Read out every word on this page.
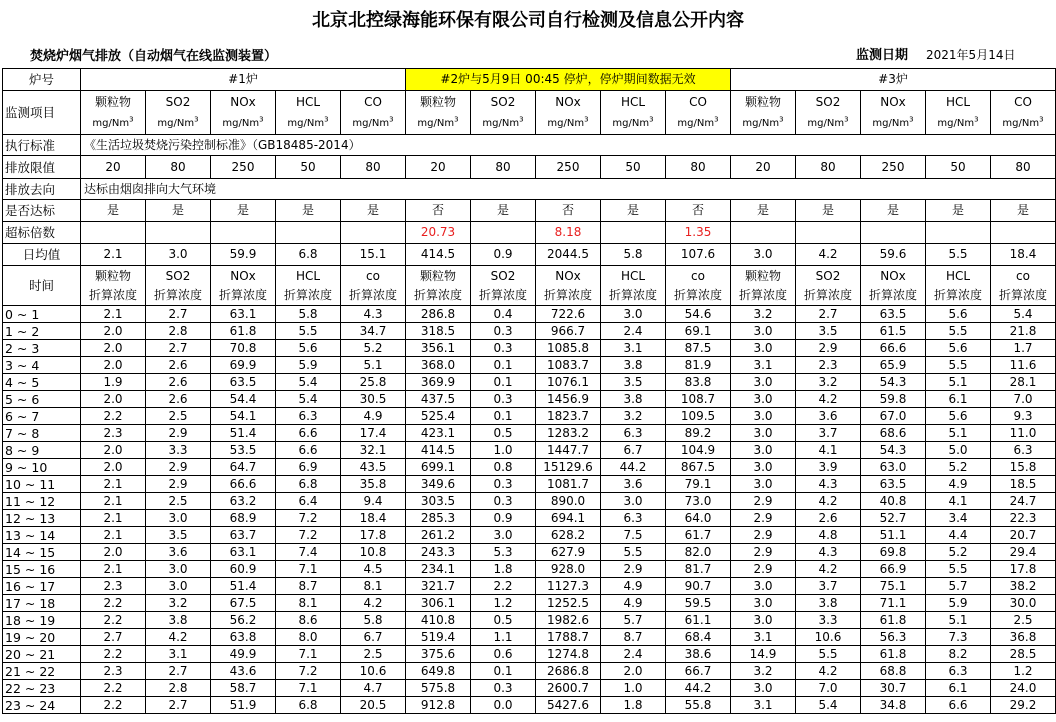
北京北控绿海能环保有限公司自行检测及信息公开内容
焚烧炉烟气排放（自动烟气在线监测装置）	监测日期 2021年5月14日
炉号	#1炉					#2炉与5月9日 00:45 停炉，停炉期间数据无效					#3炉				
监测项目	颗粒物	SO2	NOx	HCL	CO	颗粒物	SO2	NOx	HCL	CO	颗粒物	SO2	NOx	HCL	CO
	mg/Nm$^3$	mg/Nm$^3$	mg/Nm$^3$	mg/Nm$^3$	mg/Nm$^3$	mg/Nm$^3$	mg/Nm$^3$	mg/Nm$^3$	mg/Nm$^3$	mg/Nm$^3$	mg/Nm$^3$	mg/Nm$^3$	mg/Nm$^3$	mg/Nm$^3$	mg/Nm$^3$
执行标准	《生活垃圾焚烧污染控制标准》（GB18485-2014）														
排放限值	20	80	250	50	80	20	80	250	50	80	20	80	250	50	80
排放去向	达标由烟囱排向大气环境														
是否达标	是	是	是	是	是	否	是	否	是	否	是	是	是	是	是
超标倍数						20.73		8.18		1.35					
日均值	2.1	3.0	59.9	6.8	15.1	414.5	0.9	2044.5	5.8	107.6	3.0	4.2	59.6	5.5	18.4
时间	颗粒物	SO2	NOx	HCL	co	颗粒物	SO2	NOx	HCL	co	颗粒物	SO2	NOx	HCL	co
	折算浓度	折算浓度	折算浓度	折算浓度	折算浓度	折算浓度	折算浓度	折算浓度	折算浓度	折算浓度	折算浓度	折算浓度	折算浓度	折算浓度	折算浓度
0 ~ 1	2.1	2.7	63.1	5.8	4.3	286.8	0.4	722.6	3.0	54.6	3.2	2.7	63.5	5.6	5.4
1 ~ 2	2.0	2.8	61.8	5.5	34.7	318.5	0.3	966.7	2.4	69.1	3.0	3.5	61.5	5.5	21.8
2 ~ 3	2.0	2.7	70.8	5.6	5.2	356.1	0.3	1085.8	3.1	87.5	3.0	2.9	66.6	5.6	1.7
3 ~ 4	2.0	2.6	69.9	5.9	5.1	368.0	0.1	1083.7	3.8	81.9	3.1	2.3	65.9	5.5	11.6
4 ~ 5	1.9	2.6	63.5	5.4	25.8	369.9	0.1	1076.1	3.5	83.8	3.0	3.2	54.3	5.1	28.1
5 ~ 6	2.0	2.6	54.4	5.4	30.5	437.5	0.3	1456.9	3.8	108.7	3.0	4.2	59.8	6.1	7.0
6 ~ 7	2.2	2.5	54.1	6.3	4.9	525.4	0.1	1823.7	3.2	109.5	3.0	3.6	67.0	5.6	9.3
7 ~ 8	2.3	2.9	51.4	6.6	17.4	423.1	0.5	1283.2	6.3	89.2	3.0	3.7	68.6	5.1	11.0
8 ~ 9	2.0	3.3	53.5	6.6	32.1	414.5	1.0	1447.7	6.7	104.9	3.0	4.1	54.3	5.0	6.3
9 ~ 10	2.0	2.9	64.7	6.9	43.5	699.1	0.8	15129.6	44.2	867.5	3.0	3.9	63.0	5.2	15.8
10 ~ 11	2.1	2.9	66.6	6.8	35.8	349.6	0.3	1081.7	3.6	79.1	3.0	4.3	63.5	4.9	18.5
11 ~ 12	2.1	2.5	63.2	6.4	9.4	303.5	0.3	890.0	3.0	73.0	2.9	4.2	40.8	4.1	24.7
12 ~ 13	2.1	3.0	68.9	7.2	18.4	285.3	0.9	694.1	6.3	64.0	2.9	2.6	52.7	3.4	22.3
13 ~ 14	2.1	3.5	63.7	7.2	17.8	261.2	3.0	628.2	7.5	61.7	2.9	4.8	51.1	4.4	20.7
14 ~ 15	2.0	3.6	63.1	7.4	10.8	243.3	5.3	627.9	5.5	82.0	2.9	4.3	69.8	5.2	29.4
15 ~ 16	2.1	3.0	60.9	7.1	4.5	234.1	1.8	928.0	2.9	81.7	2.9	4.2	66.9	5.5	17.8
16 ~ 17	2.3	3.0	51.4	8.7	8.1	321.7	2.2	1127.3	4.9	90.7	3.0	3.7	75.1	5.7	38.2
17 ~ 18	2.2	3.2	67.5	8.1	4.2	306.1	1.2	1252.5	4.9	59.5	3.0	3.8	71.1	5.9	30.0
18 ~ 19	2.2	3.8	56.2	8.6	5.8	410.8	0.5	1982.6	5.7	61.1	3.0	3.3	61.8	5.1	2.5
19 ~ 20	2.7	4.2	63.8	8.0	6.7	519.4	1.1	1788.7	8.7	68.4	3.1	10.6	56.3	7.3	36.8
20 ~ 21	2.2	3.1	49.9	7.1	2.5	375.6	0.6	1274.8	2.4	38.6	14.9	5.5	61.8	8.2	28.5
21 ~ 22	2.3	2.7	43.6	7.2	10.6	649.8	0.1	2686.8	2.0	66.7	3.2	4.2	68.8	6.3	1.2
22 ~ 23	2.2	2.8	58.7	7.1	4.7	575.8	0.3	2600.7	1.0	44.2	3.0	7.0	30.7	6.1	24.0
23 ~ 24	2.2	2.7	51.9	6.8	20.5	912.8	0.0	5427.6	1.8	55.8	3.1	5.4	34.8	6.6	29.2
